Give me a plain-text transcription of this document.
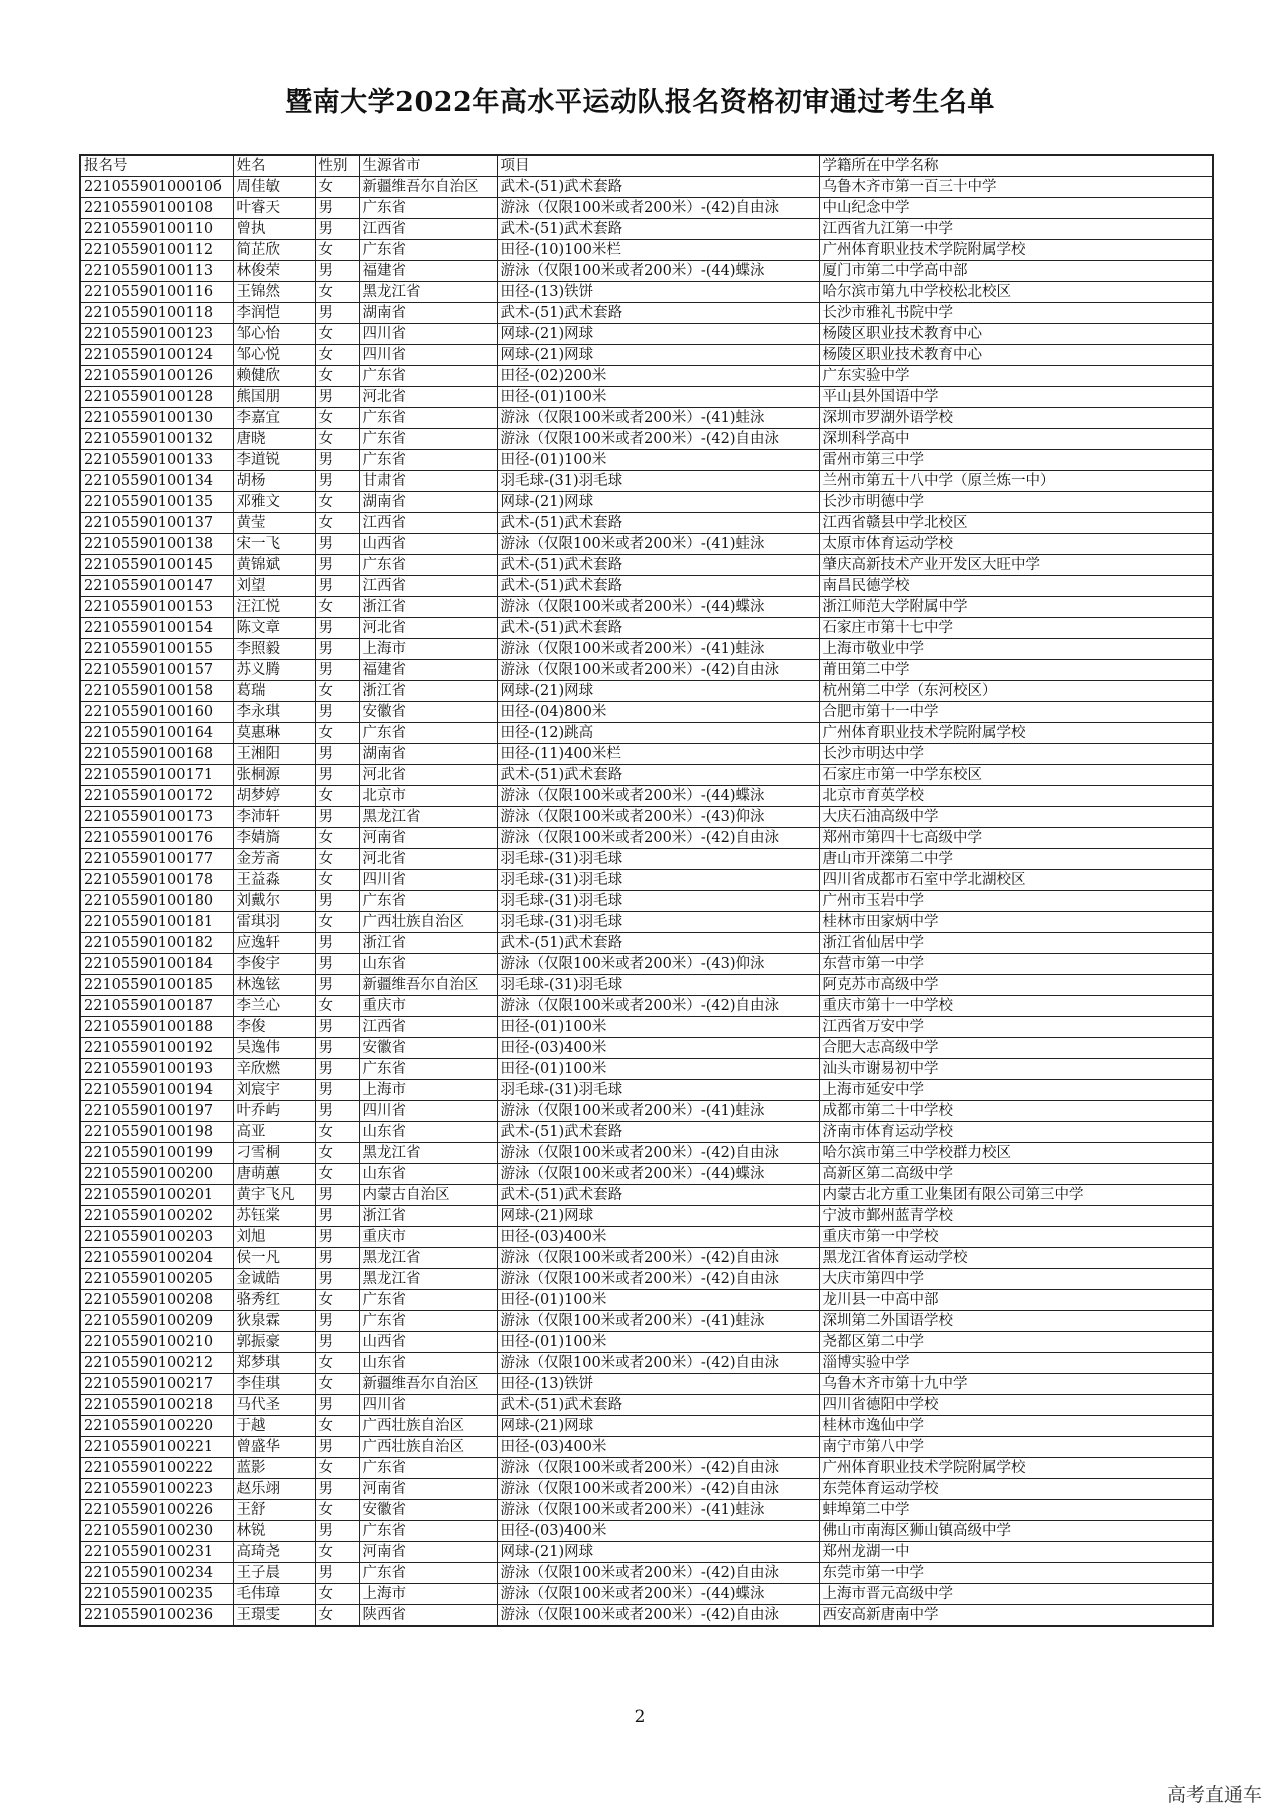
暨南大学2022年高水平运动队报名资格初审通过考生名单
报名号	姓名	性别	生源省市	项目	学籍所在中学名称
22105590100010б	周佳敏	女	新疆维吾尔自治区	武术-(51)武术套路	乌鲁木齐市第一百三十中学
22105590100108	叶睿天	男	广东省	游泳（仅限100米或者200米）-(42)自由泳	中山纪念中学
22105590100110	曾执	男	江西省	武术-(51)武术套路	江西省九江第一中学
22105590100112	简芷欣	女	广东省	田径-(10)100米栏	广州体育职业技术学院附属学校
22105590100113	林俊荣	男	福建省	游泳（仅限100米或者200米）-(44)蝶泳	厦门市第二中学高中部
22105590100116	王锦然	女	黑龙江省	田径-(13)铁饼	哈尔滨市第九中学校松北校区
22105590100118	李润恺	男	湖南省	武术-(51)武术套路	长沙市雅礼书院中学
22105590100123	邹心怡	女	四川省	网球-(21)网球	杨陵区职业技术教育中心
22105590100124	邹心悦	女	四川省	网球-(21)网球	杨陵区职业技术教育中心
22105590100126	赖健欣	女	广东省	田径-(02)200米	广东实验中学
22105590100128	熊国朋	男	河北省	田径-(01)100米	平山县外国语中学
22105590100130	李嘉宜	女	广东省	游泳（仅限100米或者200米）-(41)蛙泳	深圳市罗湖外语学校
22105590100132	唐晓	女	广东省	游泳（仅限100米或者200米）-(42)自由泳	深圳科学高中
22105590100133	李道锐	男	广东省	田径-(01)100米	雷州市第三中学
22105590100134	胡杨	男	甘肃省	羽毛球-(31)羽毛球	兰州市第五十八中学（原兰炼一中）
22105590100135	邓雅文	女	湖南省	网球-(21)网球	长沙市明德中学
22105590100137	黄莹	女	江西省	武术-(51)武术套路	江西省赣县中学北校区
22105590100138	宋一飞	男	山西省	游泳（仅限100米或者200米）-(41)蛙泳	太原市体育运动学校
22105590100145	黄锦斌	男	广东省	武术-(51)武术套路	肇庆高新技术产业开发区大旺中学
22105590100147	刘望	男	江西省	武术-(51)武术套路	南昌民德学校
22105590100153	汪江悦	女	浙江省	游泳（仅限100米或者200米）-(44)蝶泳	浙江师范大学附属中学
22105590100154	陈文章	男	河北省	武术-(51)武术套路	石家庄市第十七中学
22105590100155	李照毅	男	上海市	游泳（仅限100米或者200米）-(41)蛙泳	上海市敬业中学
22105590100157	苏义腾	男	福建省	游泳（仅限100米或者200米）-(42)自由泳	莆田第二中学
22105590100158	葛瑞	女	浙江省	网球-(21)网球	杭州第二中学（东河校区）
22105590100160	李永琪	男	安徽省	田径-(04)800米	合肥市第十一中学
22105590100164	莫惠琳	女	广东省	田径-(12)跳高	广州体育职业技术学院附属学校
22105590100168	王湘阳	男	湖南省	田径-(11)400米栏	长沙市明达中学
22105590100171	张桐源	男	河北省	武术-(51)武术套路	石家庄市第一中学东校区
22105590100172	胡梦婷	女	北京市	游泳（仅限100米或者200米）-(44)蝶泳	北京市育英学校
22105590100173	李沛轩	男	黑龙江省	游泳（仅限100米或者200米）-(43)仰泳	大庆石油高级中学
22105590100176	李婧旖	女	河南省	游泳（仅限100米或者200米）-(42)自由泳	郑州市第四十七高级中学
22105590100177	金芳斋	女	河北省	羽毛球-(31)羽毛球	唐山市开滦第二中学
22105590100178	王益淼	女	四川省	羽毛球-(31)羽毛球	四川省成都市石室中学北湖校区
22105590100180	刘戴尔	男	广东省	羽毛球-(31)羽毛球	广州市玉岩中学
22105590100181	雷琪羽	女	广西壮族自治区	羽毛球-(31)羽毛球	桂林市田家炳中学
22105590100182	应逸轩	男	浙江省	武术-(51)武术套路	浙江省仙居中学
22105590100184	李俊宇	男	山东省	游泳（仅限100米或者200米）-(43)仰泳	东营市第一中学
22105590100185	林逸铉	男	新疆维吾尔自治区	羽毛球-(31)羽毛球	阿克苏市高级中学
22105590100187	李兰心	女	重庆市	游泳（仅限100米或者200米）-(42)自由泳	重庆市第十一中学校
22105590100188	李俊	男	江西省	田径-(01)100米	江西省万安中学
22105590100192	吴逸伟	男	安徽省	田径-(03)400米	合肥大志高级中学
22105590100193	辛欣燃	男	广东省	田径-(01)100米	汕头市谢易初中学
22105590100194	刘宸宇	男	上海市	羽毛球-(31)羽毛球	上海市延安中学
22105590100197	叶乔屿	男	四川省	游泳（仅限100米或者200米）-(41)蛙泳	成都市第二十中学校
22105590100198	高亚	女	山东省	武术-(51)武术套路	济南市体育运动学校
22105590100199	刁雪桐	女	黑龙江省	游泳（仅限100米或者200米）-(42)自由泳	哈尔滨市第三中学校群力校区
22105590100200	唐萌蕙	女	山东省	游泳（仅限100米或者200米）-(44)蝶泳	高新区第二高级中学
22105590100201	黄宇飞凡	男	内蒙古自治区	武术-(51)武术套路	内蒙古北方重工业集团有限公司第三中学
22105590100202	苏钰棠	男	浙江省	网球-(21)网球	宁波市鄞州蓝青学校
22105590100203	刘旭	男	重庆市	田径-(03)400米	重庆市第一中学校
22105590100204	侯一凡	男	黑龙江省	游泳（仅限100米或者200米）-(42)自由泳	黑龙江省体育运动学校
22105590100205	金诚皓	男	黑龙江省	游泳（仅限100米或者200米）-(42)自由泳	大庆市第四中学
22105590100208	骆秀红	女	广东省	田径-(01)100米	龙川县一中高中部
22105590100209	狄泉霖	男	广东省	游泳（仅限100米或者200米）-(41)蛙泳	深圳第二外国语学校
22105590100210	郭振豪	男	山西省	田径-(01)100米	尧都区第二中学
22105590100212	郑梦琪	女	山东省	游泳（仅限100米或者200米）-(42)自由泳	淄博实验中学
22105590100217	李佳琪	女	新疆维吾尔自治区	田径-(13)铁饼	乌鲁木齐市第十九中学
22105590100218	马代圣	男	四川省	武术-(51)武术套路	四川省德阳中学校
22105590100220	于越	女	广西壮族自治区	网球-(21)网球	桂林市逸仙中学
22105590100221	曾盛华	男	广西壮族自治区	田径-(03)400米	南宁市第八中学
22105590100222	蓝影	女	广东省	游泳（仅限100米或者200米）-(42)自由泳	广州体育职业技术学院附属学校
22105590100223	赵乐翊	男	河南省	游泳（仅限100米或者200米）-(42)自由泳	东莞体育运动学校
22105590100226	王舒	女	安徽省	游泳（仅限100米或者200米）-(41)蛙泳	蚌埠第二中学
22105590100230	林锐	男	广东省	田径-(03)400米	佛山市南海区狮山镇高级中学
22105590100231	高琦尧	女	河南省	网球-(21)网球	郑州龙湖一中
22105590100234	王子晨	男	广东省	游泳（仅限100米或者200米）-(42)自由泳	东莞市第一中学
22105590100235	毛伟璋	女	上海市	游泳（仅限100米或者200米）-(44)蝶泳	上海市晋元高级中学
22105590100236	王璟雯	女	陕西省	游泳（仅限100米或者200米）-(42)自由泳	西安高新唐南中学
2
高考直通车
